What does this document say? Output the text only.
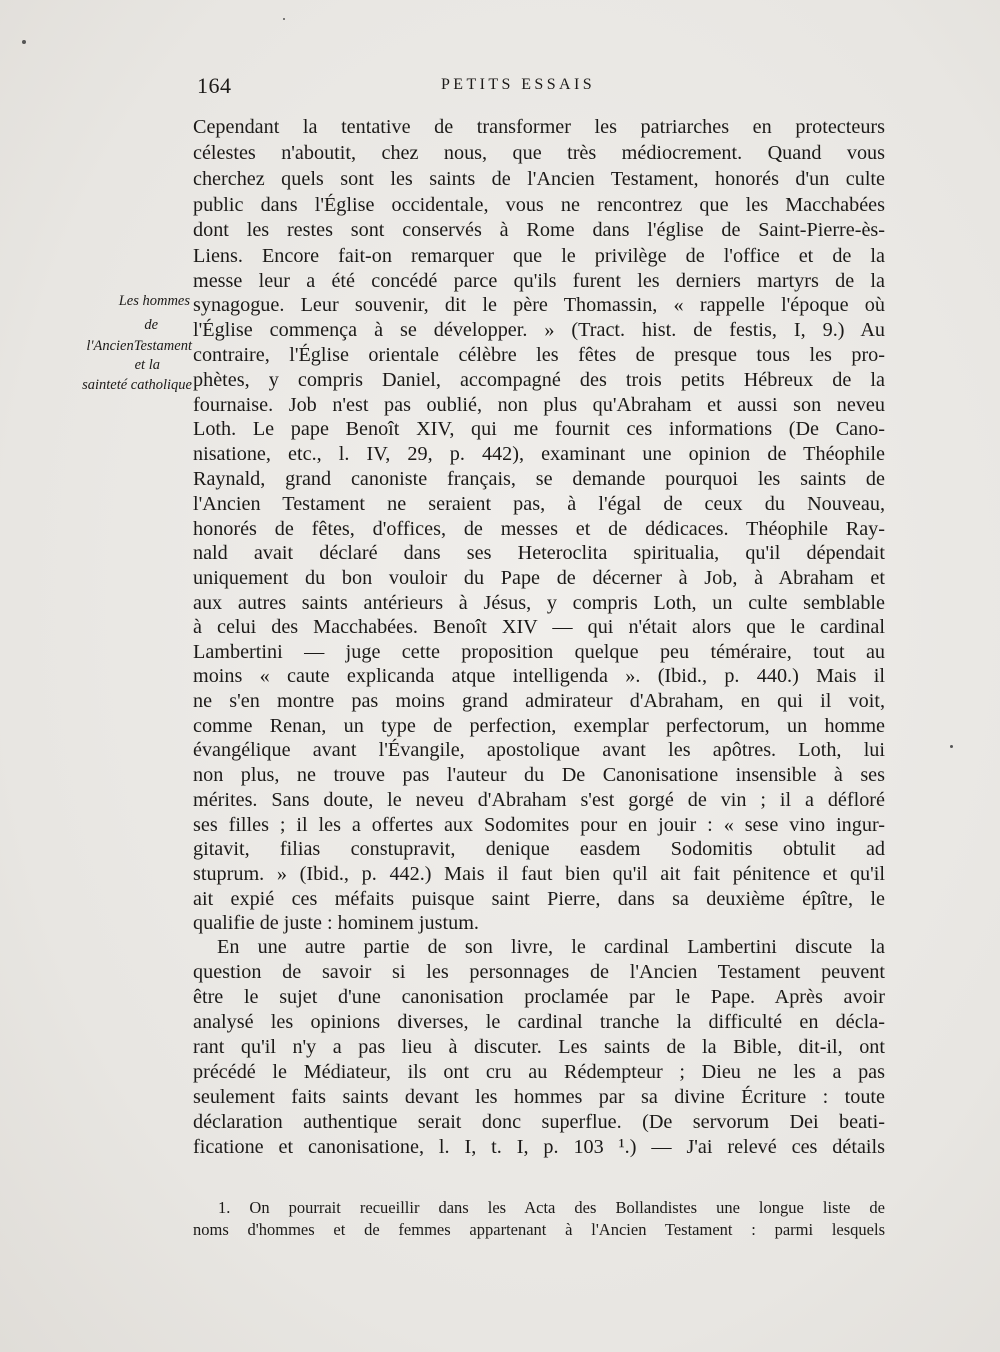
164	PETITS ESSAIS
Les hommes
de
l'AncienTestament
et la
sainteté catholique
Cependant la tentative de transformer les patriarches en protecteurs
célestes n'aboutit, chez nous, que très médiocrement. Quand vous
cherchez quels sont les saints de l'Ancien Testament, honorés d'un culte
public dans l'Église occidentale, vous ne rencontrez que les Macchabées
dont les restes sont conservés à Rome dans l'église de Saint-Pierre-ès-
Liens. Encore fait-on remarquer que le privilège de l'office et de la
messe leur a été concédé parce qu'ils furent les derniers martyrs de la
synagogue. Leur souvenir, dit le père Thomassin, « rappelle l'époque où
l'Église commença à se développer. » (Tract. hist. de festis, I, 9.) Au
contraire, l'Église orientale célèbre les fêtes de presque tous les pro-
phètes, y compris Daniel, accompagné des trois petits Hébreux de la
fournaise. Job n'est pas oublié, non plus qu'Abraham et aussi son neveu
Loth. Le pape Benoît XIV, qui me fournit ces informations (De Cano-
nisatione, etc., l. IV, 29, p. 442), examinant une opinion de Théophile
Raynald, grand canoniste français, se demande pourquoi les saints de
l'Ancien Testament ne seraient pas, à l'égal de ceux du Nouveau,
honorés de fêtes, d'offices, de messes et de dédicaces. Théophile Ray-
nald avait déclaré dans ses Heteroclita spiritualia, qu'il dépendait
uniquement du bon vouloir du Pape de décerner à Job, à Abraham et
aux autres saints antérieurs à Jésus, y compris Loth, un culte semblable
à celui des Macchabées. Benoît XIV — qui n'était alors que le cardinal
Lambertini — juge cette proposition quelque peu téméraire, tout au
moins « caute explicanda atque intelligenda ». (Ibid., p. 440.) Mais il
ne s'en montre pas moins grand admirateur d'Abraham, en qui il voit,
comme Renan, un type de perfection, exemplar perfectorum, un homme
évangélique avant l'Évangile, apostolique avant les apôtres. Loth, lui
non plus, ne trouve pas l'auteur du De Canonisatione insensible à ses
mérites. Sans doute, le neveu d'Abraham s'est gorgé de vin ; il a défloré
ses filles ; il les a offertes aux Sodomites pour en jouir : « sese vino ingur-
gitavit, filias constupravit, denique easdem Sodomitis obtulit ad
stuprum. » (Ibid., p. 442.) Mais il faut bien qu'il ait fait pénitence et qu'il
ait expié ces méfaits puisque saint Pierre, dans sa deuxième épître, le
qualifie de juste : hominem justum.
En une autre partie de son livre, le cardinal Lambertini discute la
question de savoir si les personnages de l'Ancien Testament peuvent
être le sujet d'une canonisation proclamée par le Pape. Après avoir
analysé les opinions diverses, le cardinal tranche la difficulté en décla-
rant qu'il n'y a pas lieu à discuter. Les saints de la Bible, dit-il, ont
précédé le Médiateur, ils ont cru au Rédempteur ; Dieu ne les a pas
seulement faits saints devant les hommes par sa divine Écriture : toute
déclaration authentique serait donc superflue. (De servorum Dei beati-
ficatione et canonisatione, l. I, t. I, p. 103 ¹.) — J'ai relevé ces détails
1. On pourrait recueillir dans les Acta des Bollandistes une longue liste de
noms d'hommes et de femmes appartenant à l'Ancien Testament : parmi lesquels
